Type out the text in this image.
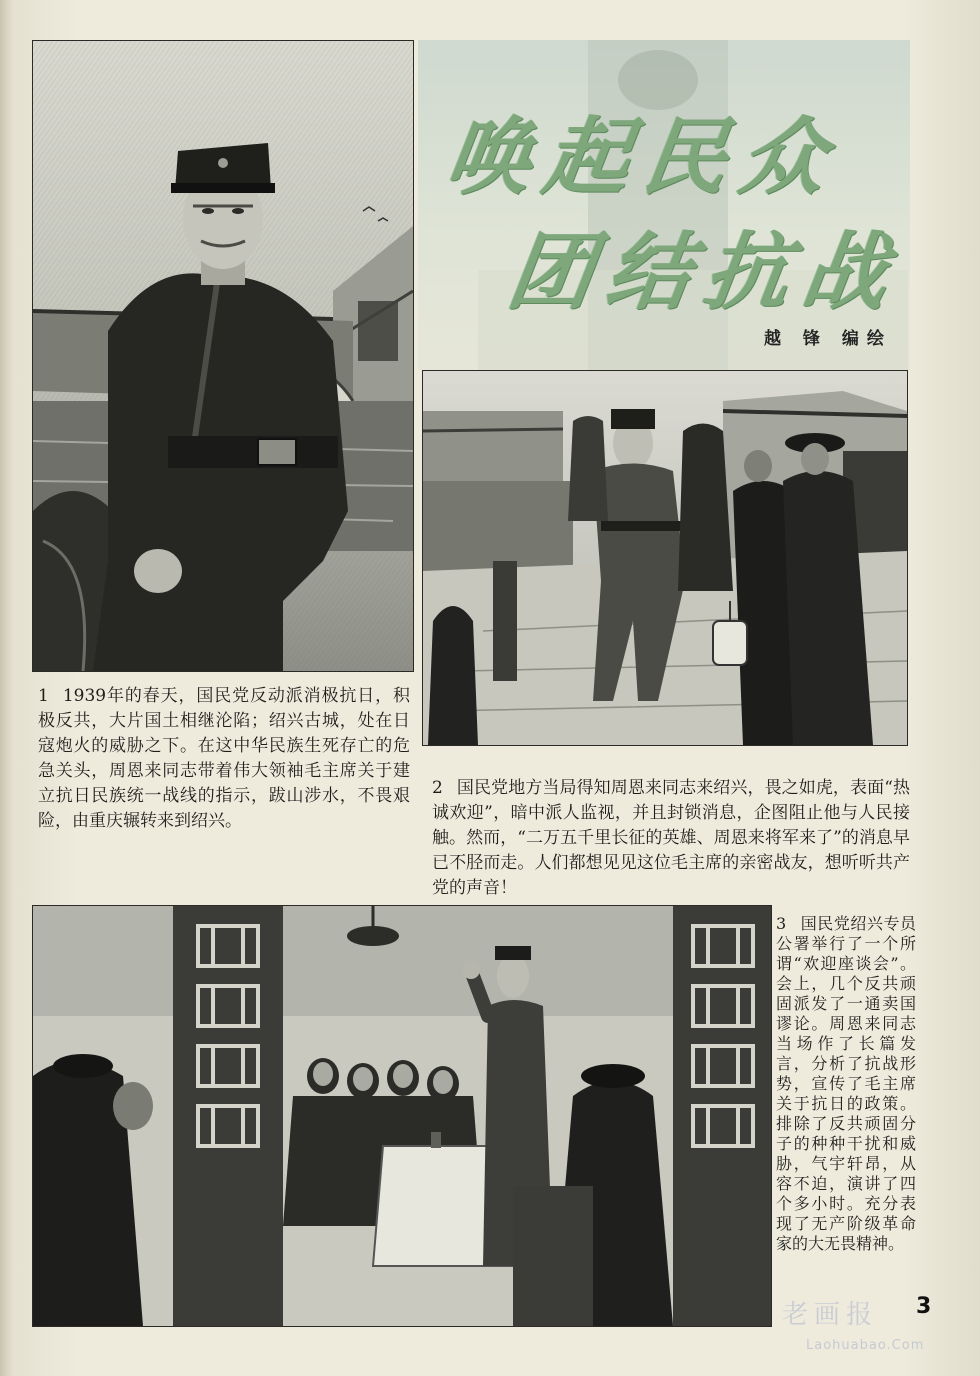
唤起民众
团结抗战
越 锋 编绘
1 1939年的春天，国民党反动派消极抗日，积极反共，大片国土相继沦陷；绍兴古城，处在日寇炮火的威胁之下。在这中华民族生死存亡的危急关头，周恩来同志带着伟大领袖毛主席关于建立抗日民族统一战线的指示，跋山涉水，不畏艰险，由重庆辗转来到绍兴。
2 国民党地方当局得知周恩来同志来绍兴，畏之如虎，表面“热诚欢迎”，暗中派人监视，并且封锁消息，企图阻止他与人民接触。然而，“二万五千里长征的英雄、周恩来将军来了”的消息早已不胫而走。人们都想见见这位毛主席的亲密战友，想听听共产党的声音！
3 国民党绍兴专员公署举行了一个所谓“欢迎座谈会”。会上，几个反共顽固派发了一通卖国谬论。周恩来同志当场作了长篇发言，分析了抗战形势，宣传了毛主席关于抗日的政策。排除了反共顽固分子的种种干扰和威胁，气宇轩昂，从容不迫，演讲了四个多小时。充分表现了无产阶级革命家的大无畏精神。
老画报
Laohuabao.Com
3
